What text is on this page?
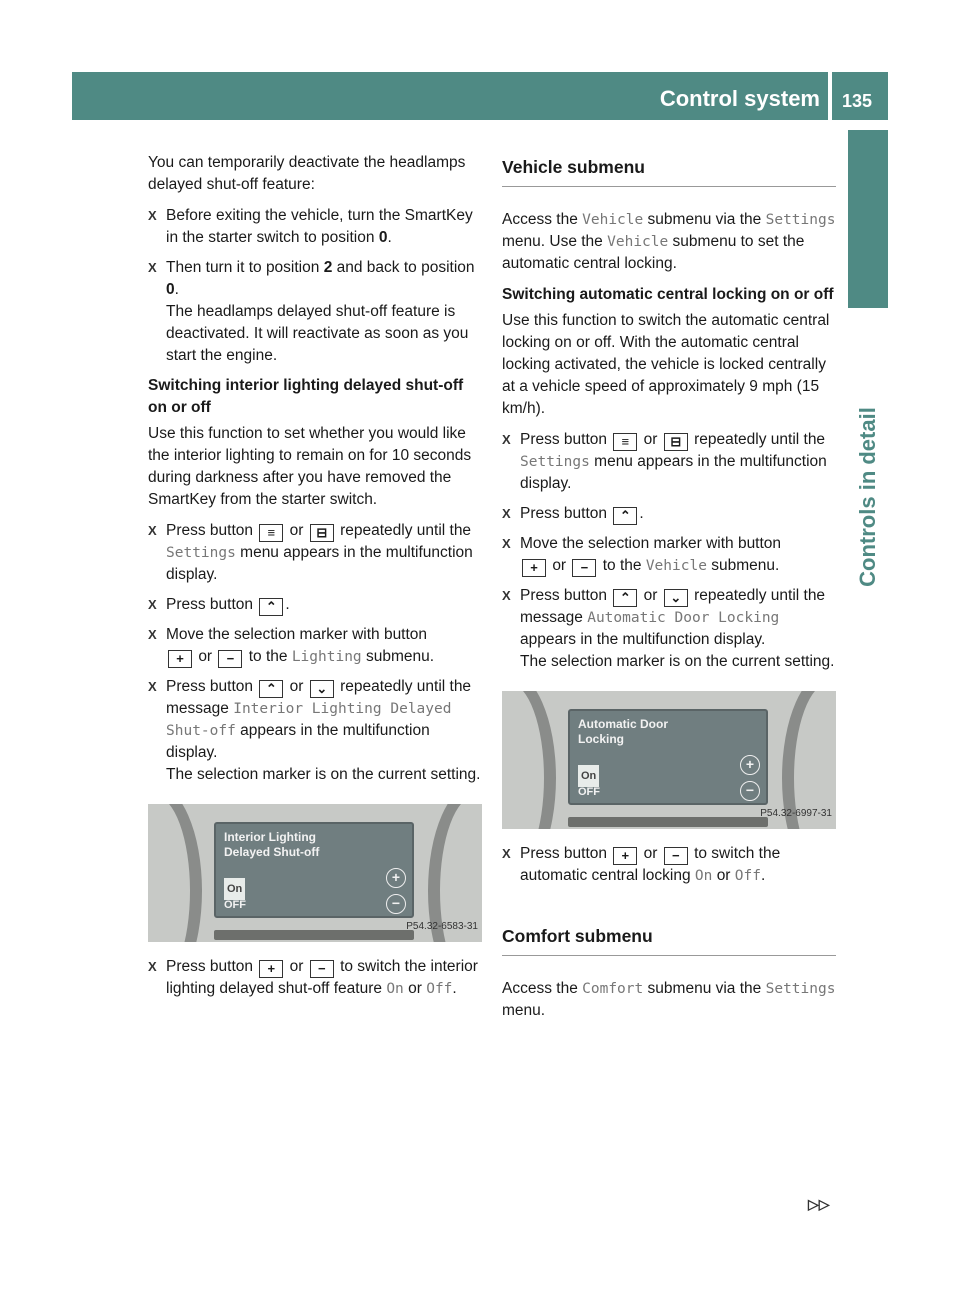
Control system 135
Controls in detail

You can temporarily deactivate the headlamps delayed shut-off feature:

X Before exiting the vehicle, turn the SmartKey in the starter switch to position 0.
X Then turn it to position 2 and back to position 0.
The headlamps delayed shut-off feature is deactivated. It will reactivate as soon as you start the engine.

Switching interior lighting delayed shut-off on or off

Use this function to set whether you would like the interior lighting to remain on for 10 seconds during darkness after you have removed the SmartKey from the starter switch.

X Press button ≡ or ⊟ repeatedly until the Settings menu appears in the multifunction display.
X Press button ⌃ .
X Move the selection marker with button
+ or − to the Lighting submenu.
X Press button ⌃ or ⌄ repeatedly until the message Interior Lighting Delayed Shut-off appears in the multifunction display.
The selection marker is on the current setting.
Interior Lighting
Delayed Shut-off
On
OFF
+
−
P54.32-6583-31
X Press button + or − to switch the interior lighting delayed shut-off feature On or Off.
Vehicle submenu

Access the Vehicle submenu via the Settings menu. Use the Vehicle submenu to set the automatic central locking.

Switching automatic central locking on or off

Use this function to switch the automatic central locking on or off. With the automatic central locking activated, the vehicle is locked centrally at a vehicle speed of approximately 9 mph (15 km/h).

X Press button ≡ or ⊟ repeatedly until the Settings menu appears in the multifunction display.
X Press button ⌃ .
X Move the selection marker with button
+ or − to the Vehicle submenu.
X Press button ⌃ or ⌄ repeatedly until the message Automatic Door Locking appears in the multifunction display.
The selection marker is on the current setting.
Automatic Door
Locking
On
OFF
+
−
P54.32-6997-31
X Press button + or − to switch the automatic central locking On or Off.
Comfort submenu

Access the Comfort submenu via the Settings menu.

▷▷
